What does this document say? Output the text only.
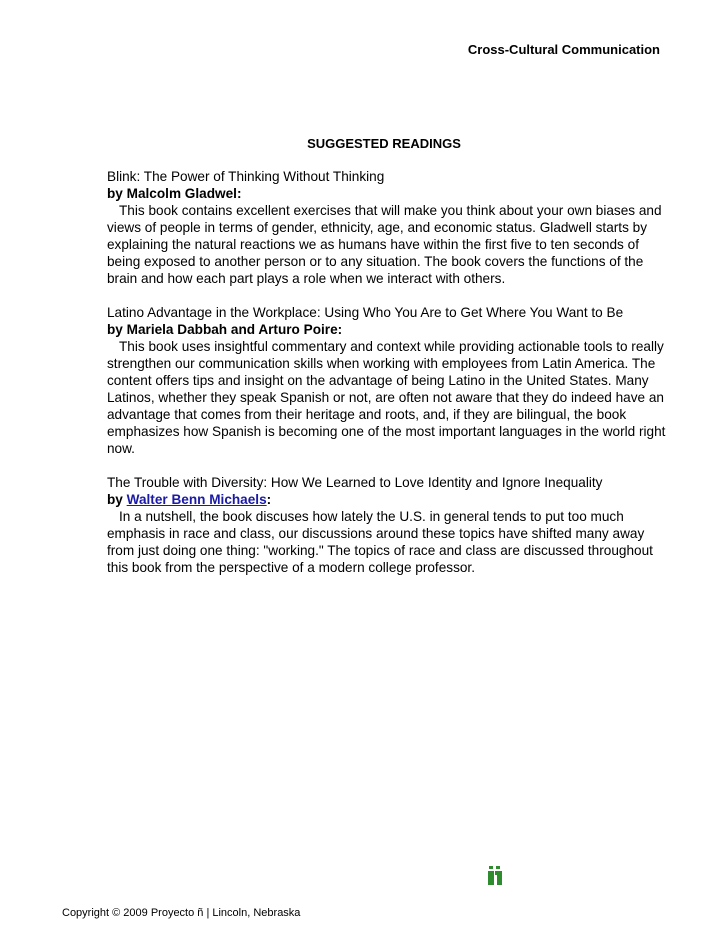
Cross-Cultural Communication
SUGGESTED READINGS

Blink: The Power of Thinking Without Thinking

by Malcolm Gladwel:

This book contains excellent exercises that will make you think about your own biases and views of people in terms of gender, ethnicity, age, and economic status. Gladwell starts by explaining the natural reactions we as humans have within the first five to ten seconds of being exposed to another person or to any situation. The book covers the functions of the brain and how each part plays a role when we interact with others.

Latino Advantage in the Workplace: Using Who You Are to Get Where You Want to Be

by Mariela Dabbah and Arturo Poire:

This book uses insightful commentary and context while providing actionable tools to really strengthen our communication skills when working with employees from Latin America. The content offers tips and insight on the advantage of being Latino in the United States. Many Latinos, whether they speak Spanish or not, are often not aware that they do indeed have an advantage that comes from their heritage and roots, and, if they are bilingual, the book emphasizes how Spanish is becoming one of the most important languages in the world right now.

The Trouble with Diversity: How We Learned to Love Identity and Ignore Inequality

by Walter Benn Michaels:

In a nutshell, the book discuses how lately the U.S. in general tends to put too much emphasis in race and class, our discussions around these topics have shifted many away from just doing one thing: "working." The topics of race and class are discussed throughout this book from the perspective of a modern college professor.

Copyright © 2009 Proyecto ñ | Lincoln, Nebraska
